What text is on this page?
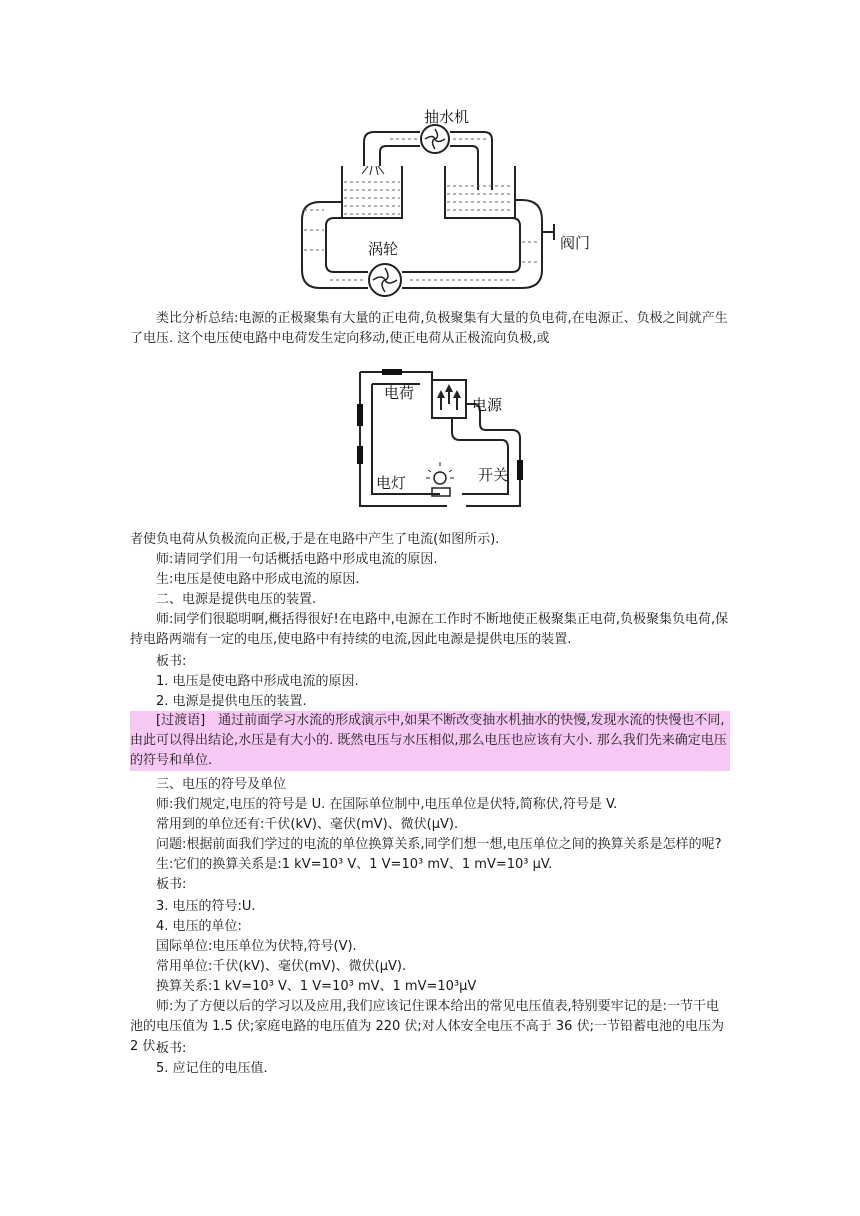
抽水机
涡轮	阀门
类比分析总结:电源的正极聚集有大量的正电荷,负极聚集有大量的负电荷,在电源正、负极之间就产生了电压. 这个电压使电路中电荷发生定向移动,使正电荷从正极流向负极,或
电荷
电源
电灯	开关
者使负电荷从负极流向正极,于是在电路中产生了电流(如图所示).
师:请同学们用一句话概括电路中形成电流的原因.
生:电压是使电路中形成电流的原因.
二、电源是提供电压的装置.
师:同学们很聪明啊,概括得很好!在电路中,电源在工作时不断地使正极聚集正电荷,负极聚集负电荷,保持电路两端有一定的电压,使电路中有持续的电流,因此电源是提供电压的装置.
板书:
1. 电压是使电路中形成电流的原因.
2. 电源是提供电压的装置.
[过渡语]　通过前面学习水流的形成演示中,如果不断改变抽水机抽水的快慢,发现水流的快慢也不同,由此可以得出结论,水压是有大小的. 既然电压与水压相似,那么电压也应该有大小. 那么我们先来确定电压的符号和单位.
三、电压的符号及单位
师:我们规定,电压的符号是 U. 在国际单位制中,电压单位是伏特,简称伏,符号是 V.
常用到的单位还有:千伏(kV)、毫伏(mV)、微伏(μV).
问题:根据前面我们学过的电流的单位换算关系,同学们想一想,电压单位之间的换算关系是怎样的呢?
生:它们的换算关系是:1 kV=10³ V、1 V=10³ mV、1 mV=10³ μV.
板书:
3. 电压的符号:U.
4. 电压的单位:
国际单位:电压单位为伏特,符号(V).
常用单位:千伏(kV)、毫伏(mV)、微伏(μV).
换算关系:1 kV=10³ V、1 V=10³ mV、1 mV=10³μV
师:为了方便以后的学习以及应用,我们应该记住课本给出的常见电压值表,特别要牢记的是:一节干电池的电压值为 1.5 伏;家庭电路的电压值为 220 伏;对人体安全电压不高于 36 伏;一节铅蓄电池的电压为 2 伏.
板书:
5. 应记住的电压值.
